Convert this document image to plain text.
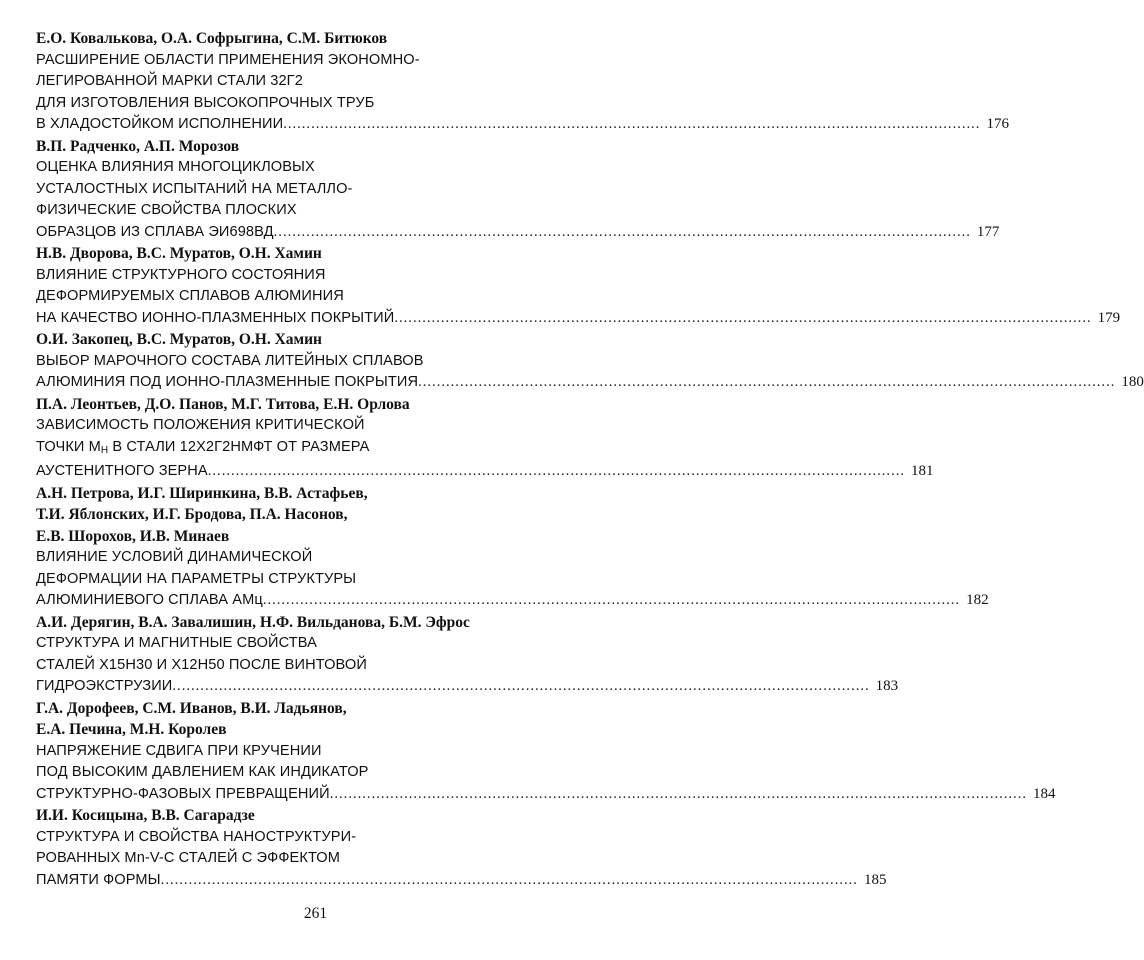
Е.О. Ковалькова, О.А. Софрыгина, С.М. Битюков
РАСШИРЕНИЕ ОБЛАСТИ ПРИМЕНЕНИЯ ЭКОНОМНО-
ЛЕГИРОВАННОЙ МАРКИ СТАЛИ 32Г2
ДЛЯ ИЗГОТОВЛЕНИЯ ВЫСОКОПРОЧНЫХ ТРУБ
В ХЛАДОСТОЙКОМ ИСПОЛНЕНИИ ...................................................................................................................................................... 176
В.П. Радченко, А.П. Морозов
ОЦЕНКА ВЛИЯНИЯ МНОГОЦИКЛОВЫХ
УСТАЛОСТНЫХ ИСПЫТАНИЙ НА МЕТАЛЛО-
ФИЗИЧЕСКИЕ СВОЙСТВА ПЛОСКИХ
ОБРАЗЦОВ ИЗ СПЛАВА ЭИ698ВД ...................................................................................................................................................... 177
Н.В. Дворова, В.С. Муратов, О.Н. Хамин
ВЛИЯНИЕ СТРУКТУРНОГО СОСТОЯНИЯ
ДЕФОРМИРУЕМЫХ СПЛАВОВ АЛЮМИНИЯ
НА КАЧЕСТВО ИОННО-ПЛАЗМЕННЫХ ПОКРЫТИЙ ...................................................................................................................................................... 179
О.И. Закопец, В.С. Муратов, О.Н. Хамин
ВЫБОР МАРОЧНОГО СОСТАВА ЛИТЕЙНЫХ СПЛАВОВ
АЛЮМИНИЯ ПОД ИОННО-ПЛАЗМЕННЫЕ ПОКРЫТИЯ ...................................................................................................................................................... 180
П.А. Леонтьев, Д.О. Панов, М.Г. Титова, Е.Н. Орлова
ЗАВИСИМОСТЬ ПОЛОЖЕНИЯ КРИТИЧЕСКОЙ
ТОЧКИ $M_H$ В СТАЛИ 12Х2Г2НМФТ ОТ РАЗМЕРА
АУСТЕНИТНОГО ЗЕРНА ...................................................................................................................................................... 181
А.Н. Петрова, И.Г. Ширинкина, В.В. Астафьев,
Т.И. Яблонских, И.Г. Бродова, П.А. Насонов,
Е.В. Шорохов, И.В. Минаев
ВЛИЯНИЕ УСЛОВИЙ ДИНАМИЧЕСКОЙ
ДЕФОРМАЦИИ НА ПАРАМЕТРЫ СТРУКТУРЫ
АЛЮМИНИЕВОГО СПЛАВА АМц ...................................................................................................................................................... 182
А.И. Дерягин, В.А. Завалишин, Н.Ф. Вильданова, Б.М. Эфрос
СТРУКТУРА И МАГНИТНЫЕ СВОЙСТВА
СТАЛЕЙ Х15Н30 И Х12Н50 ПОСЛЕ ВИНТОВОЙ
ГИДРОЭКСТРУЗИИ ...................................................................................................................................................... 183
Г.А. Дорофеев, С.М. Иванов, В.И. Ладьянов,
Е.А. Печина, М.Н. Королев
НАПРЯЖЕНИЕ СДВИГА ПРИ КРУЧЕНИИ
ПОД ВЫСОКИМ ДАВЛЕНИЕМ КАК ИНДИКАТОР
СТРУКТУРНО-ФАЗОВЫХ ПРЕВРАЩЕНИЙ ...................................................................................................................................................... 184
И.И. Косицына, В.В. Сагарадзе
СТРУКТУРА И СВОЙСТВА НАНОСТРУКТУРИ-
РОВАННЫХ Mn-V-C СТАЛЕЙ С ЭФФЕКТОМ
ПАМЯТИ ФОРМЫ ...................................................................................................................................................... 185
261
